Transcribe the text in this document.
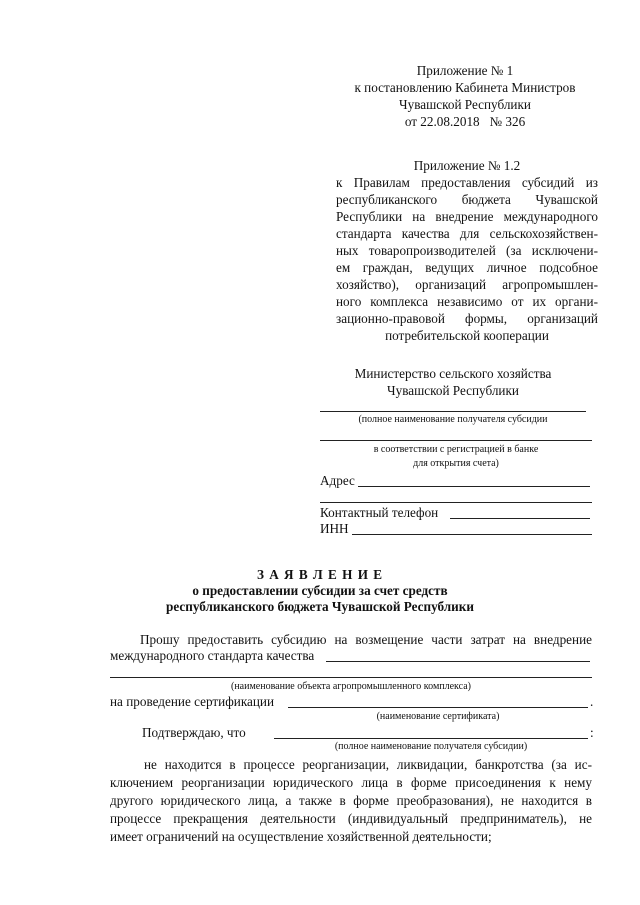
Приложение № 1
к постановлению Кабинета Министров
Чувашской Республики
от 22.08.2018   № 326
Приложение № 1.2
к Правилам предоставления субсидий из
республиканского бюджета Чувашской
Республики на внедрение международного
стандарта качества для сельскохозяйствен-
ных товаропроизводителей (за исключени-
ем граждан, ведущих личное подсобное
хозяйство), организаций агропромышлен-
ного комплекса независимо от их органи-
зационно-правовой формы, организаций
потребительской кооперации
Министерство сельского хозяйства
Чувашской Республики
(полное наименование получателя субсидии
в соответствии с регистрацией в банке
для открытия счета)
Адрес
Контактный телефон
ИНН
З А Я В Л Е Н И Е
о предоставлении субсидии за счет средств
республиканского бюджета Чувашской Республики
Прошу предоставить субсидию на возмещение части затрат на внедрение
международного стандарта качества
(наименование объекта агропромышленного комплекса)
на проведение сертификации	.
(наименование сертификата)
Подтверждаю, что	:
(полное наименование получателя субсидии)
не находится в процессе реорганизации, ликвидации, банкротства (за ис-
ключением реорганизации юридического лица в форме присоединения к нему
другого юридического лица, а также в форме преобразования), не находится в
процессе прекращения деятельности (индивидуальный предприниматель), не
имеет ограничений на осуществление хозяйственной деятельности;
